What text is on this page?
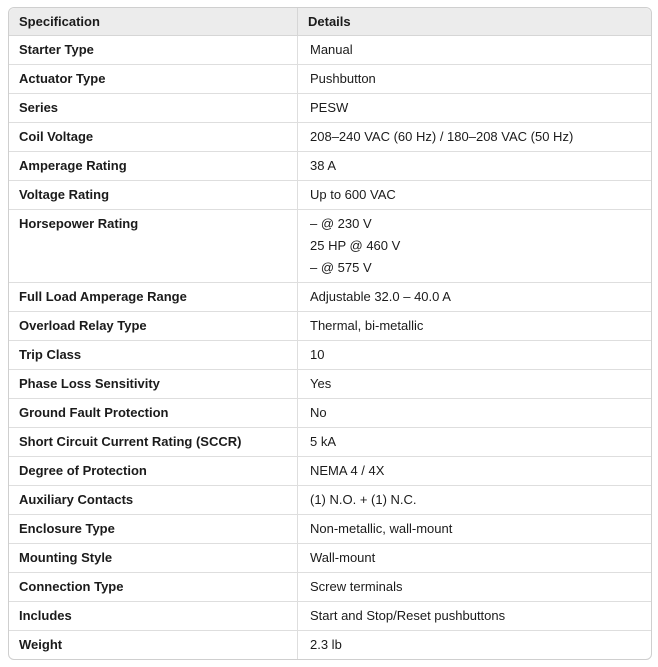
Specification	Details
Starter Type	Manual

Actuator Type	Pushbutton

Series	PESW

Coil Voltage	208–240 VAC (60 Hz) / 180–208 VAC (50 Hz)

Amperage Rating	38 A

Voltage Rating	Up to 600 VAC

Horsepower Rating	– @ 230 V
25 HP @ 460 V
– @ 575 V

Full Load Amperage Range	Adjustable 32.0 – 40.0 A

Overload Relay Type	Thermal, bi-metallic

Trip Class	10

Phase Loss Sensitivity	Yes

Ground Fault Protection	No

Short Circuit Current Rating (SCCR)	5 kA

Degree of Protection	NEMA 4 / 4X

Auxiliary Contacts	(1) N.O. + (1) N.C.

Enclosure Type	Non-metallic, wall-mount

Mounting Style	Wall-mount

Connection Type	Screw terminals

Includes	Start and Stop/Reset pushbuttons

Weight	2.3 lb
